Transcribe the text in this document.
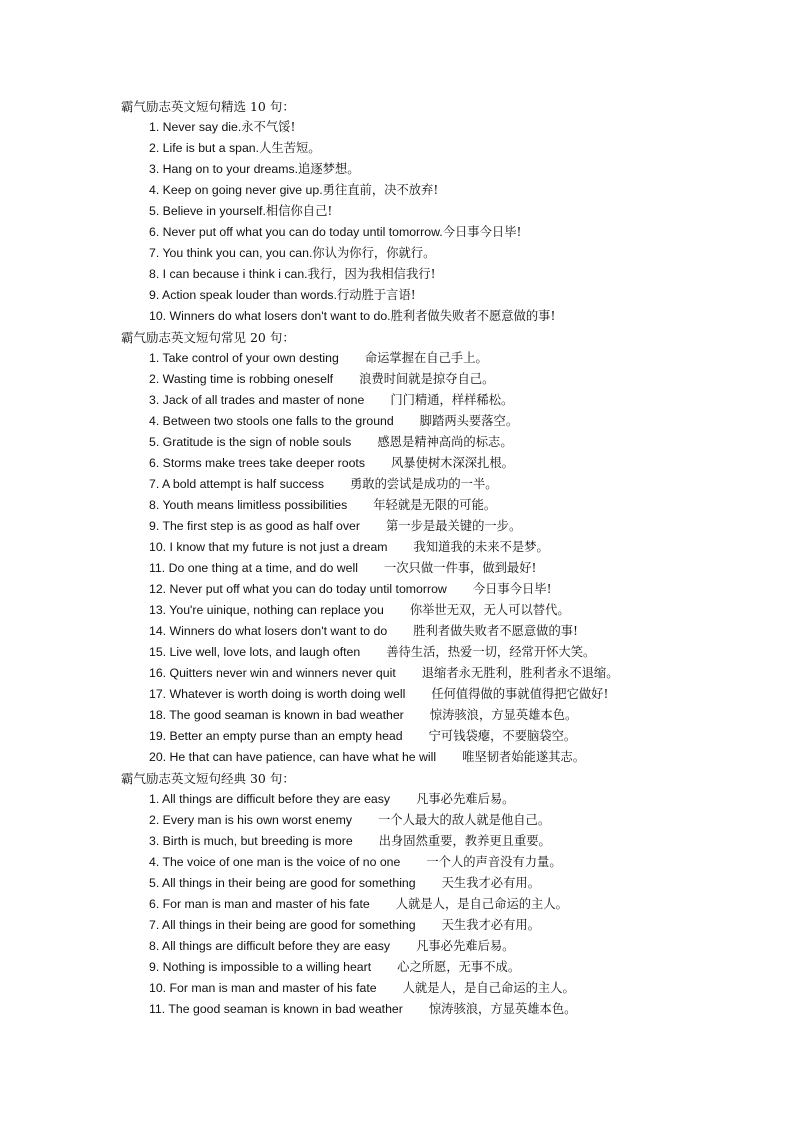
霸气励志英文短句精选 10 句：
1. Never say die.永不气馁!
2. Life is but a span.人生苦短。
3. Hang on to your dreams.追逐梦想。
4. Keep on going never give up.勇往直前，决不放弃!
5. Believe in yourself.相信你自己!
6. Never put off what you can do today until tomorrow.今日事今日毕!
7. You think you can, you can.你认为你行，你就行。
8. I can because i think i can.我行，因为我相信我行!
9. Action speak louder than words.行动胜于言语!
10. Winners do what losers don't want to do.胜利者做失败者不愿意做的事!
霸气励志英文短句常见 20 句：
1. Take control of your own desting 命运掌握在自己手上。
2. Wasting time is robbing oneself 浪费时间就是掠夺自己。
3. Jack of all trades and master of none 门门精通，样样稀松。
4. Between two stools one falls to the ground 脚踏两头要落空。
5. Gratitude is the sign of noble souls 感恩是精神高尚的标志。
6. Storms make trees take deeper roots 风暴使树木深深扎根。
7. A bold attempt is half success 勇敢的尝试是成功的一半。
8. Youth means limitless possibilities 年轻就是无限的可能。
9. The first step is as good as half over 第一步是最关键的一步。
10. I know that my future is not just a dream 我知道我的未来不是梦。
11. Do one thing at a time, and do well 一次只做一件事，做到最好!
12. Never put off what you can do today until tomorrow 今日事今日毕!
13. You're uinique, nothing can replace you 你举世无双，无人可以替代。
14. Winners do what losers don't want to do 胜利者做失败者不愿意做的事!
15. Live well, love lots, and laugh often 善待生活，热爱一切，经常开怀大笑。
16. Quitters never win and winners never quit 退缩者永无胜利，胜利者永不退缩。
17. Whatever is worth doing is worth doing well 任何值得做的事就值得把它做好!
18. The good seaman is known in bad weather 惊涛骇浪，方显英雄本色。
19. Better an empty purse than an empty head 宁可钱袋瘪，不要脑袋空。
20. He that can have patience, can have what he will 唯坚韧者始能遂其志。
霸气励志英文短句经典 30 句：
1. All things are difficult before they are easy 凡事必先难后易。
2. Every man is his own worst enemy 一个人最大的敌人就是他自己。
3. Birth is much, but breeding is more 出身固然重要，教养更且重要。
4. The voice of one man is the voice of no one 一个人的声音没有力量。
5. All things in their being are good for something 天生我才必有用。
6. For man is man and master of his fate 人就是人，是自己命运的主人。
7. All things in their being are good for something 天生我才必有用。
8. All things are difficult before they are easy 凡事必先难后易。
9. Nothing is impossible to a willing heart 心之所愿，无事不成。
10. For man is man and master of his fate 人就是人，是自己命运的主人。
11. The good seaman is known in bad weather 惊涛骇浪，方显英雄本色。
